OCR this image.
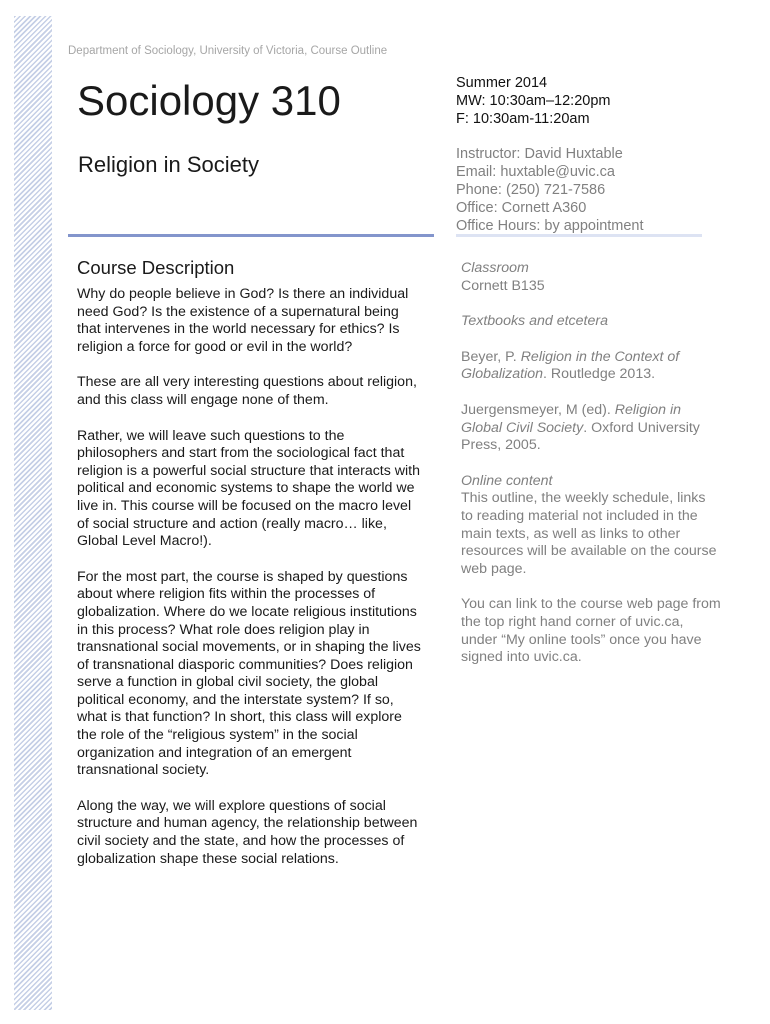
Department of Sociology, University of Victoria, Course Outline
Sociology 310
Religion in Society
Summer 2014
MW: 10:30am–12:20pm
F: 10:30am-11:20am
Instructor: David Huxtable
Email: huxtable@uvic.ca
Phone: (250) 721-7586
Office: Cornett A360
Office Hours: by appointment
Course Description

Why do people believe in God? Is there an individual need God? Is the existence of a supernatural being that intervenes in the world necessary for ethics? Is religion a force for good or evil in the world?

These are all very interesting questions about religion, and this class will engage none of them.

Rather, we will leave such questions to the philosophers and start from the sociological fact that religion is a powerful social structure that interacts with political and economic systems to shape the world we live in. This course will be focused on the macro level of social structure and action (really macro… like, Global Level Macro!).

For the most part, the course is shaped by questions about where religion fits within the processes of globalization. Where do we locate religious institutions in this process? What role does religion play in transnational social movements, or in shaping the lives of transnational diasporic communities? Does religion serve a function in global civil society, the global political economy, and the interstate system? If so, what is that function? In short, this class will explore the role of the “religious system” in the social organization and integration of an emergent transnational society.

Along the way, we will explore questions of social structure and human agency, the relationship between civil society and the state, and how the processes of globalization shape these social relations.

Classroom
Cornett B135
Textbooks and etcetera

Beyer, P. Religion in the Context of Globalization. Routledge 2013.

Juergensmeyer, M (ed). Religion in Global Civil Society. Oxford University Press, 2005.

Online content

This outline, the weekly schedule, links to reading material not included in the main texts, as well as links to other resources will be available on the course web page.

You can link to the course web page from the top right hand corner of uvic.ca, under “My online tools” once you have signed into uvic.ca.
